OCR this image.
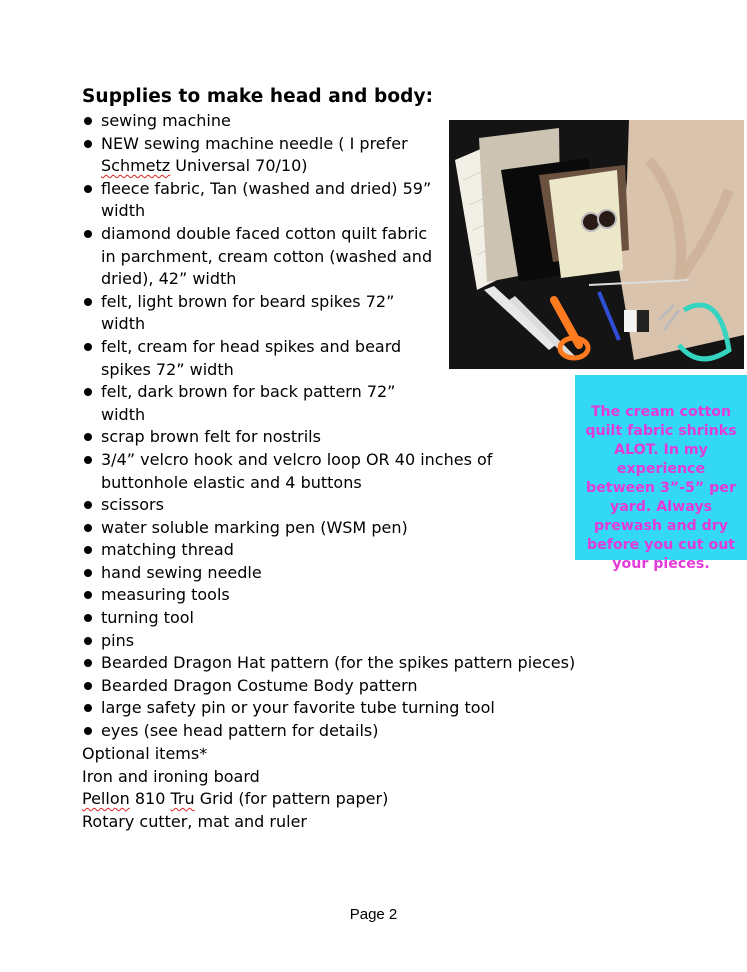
Supplies to make head and body:
sewing machine
NEW sewing machine needle ( I prefer
Schmetz Universal 70/10)
fleece fabric, Tan (washed and dried) 59”
width
diamond double faced cotton quilt fabric
in parchment, cream cotton (washed and
dried), 42” width
felt, light brown for beard spikes 72”
width
felt, cream for head spikes and beard
spikes 72” width
felt, dark brown for back pattern 72”
width
scrap brown felt for nostrils
3/4” velcro hook and velcro loop OR 40 inches of
buttonhole elastic and 4 buttons
scissors
water soluble marking pen (WSM pen)
matching thread
hand sewing needle
measuring tools
turning tool
pins
Bearded Dragon Hat pattern (for the spikes pattern pieces)
Bearded Dragon Costume Body pattern
large safety pin or your favorite tube turning tool
eyes (see head pattern for details)
Optional items*
Iron and ironing board
Pellon 810 Tru Grid (for pattern paper)
Rotary cutter, mat and ruler
The cream cotton quilt fabric shrinks ALOT. In my experience between 3”-5” per yard. Always prewash and dry before you cut out your pieces.
Page 2
